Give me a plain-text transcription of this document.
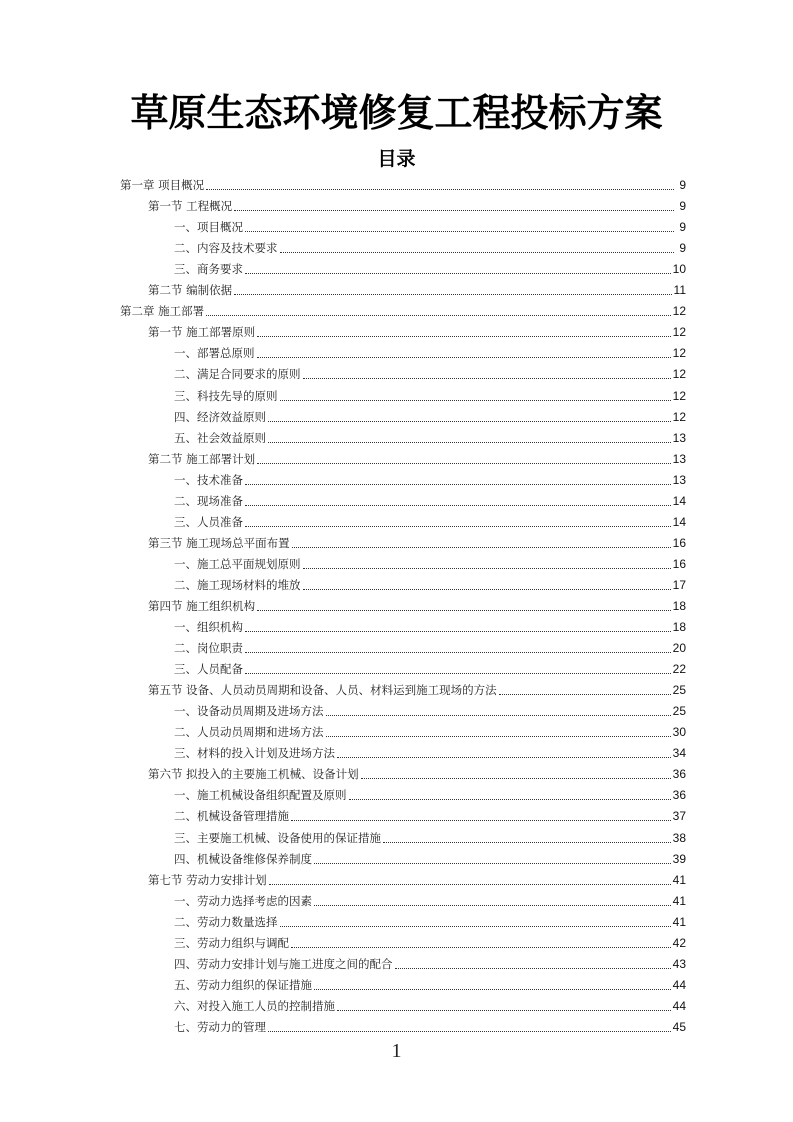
草原生态环境修复工程投标方案
目录
第一章 项目概况	9
第一节 工程概况	9
一、项目概况	9
二、内容及技术要求	9
三、商务要求	10
第二节 编制依据	11
第二章 施工部署	12
第一节 施工部署原则	12
一、部署总原则	12
二、满足合同要求的原则	12
三、科技先导的原则	12
四、经济效益原则	12
五、社会效益原则	13
第二节 施工部署计划	13
一、技术准备	13
二、现场准备	14
三、人员准备	14
第三节 施工现场总平面布置	16
一、施工总平面规划原则	16
二、施工现场材料的堆放	17
第四节 施工组织机构	18
一、组织机构	18
二、岗位职责	20
三、人员配备	22
第五节 设备、人员动员周期和设备、人员、材料运到施工现场的方法	25
一、设备动员周期及进场方法	25
二、人员动员周期和进场方法	30
三、材料的投入计划及进场方法	34
第六节 拟投入的主要施工机械、设备计划	36
一、施工机械设备组织配置及原则	36
二、机械设备管理措施	37
三、主要施工机械、设备使用的保证措施	38
四、机械设备维修保养制度	39
第七节 劳动力安排计划	41
一、劳动力选择考虑的因素	41
二、劳动力数量选择	41
三、劳动力组织与调配	42
四、劳动力安排计划与施工进度之间的配合	43
五、劳动力组织的保证措施	44
六、对投入施工人员的控制措施	44
七、劳动力的管理	45
1
